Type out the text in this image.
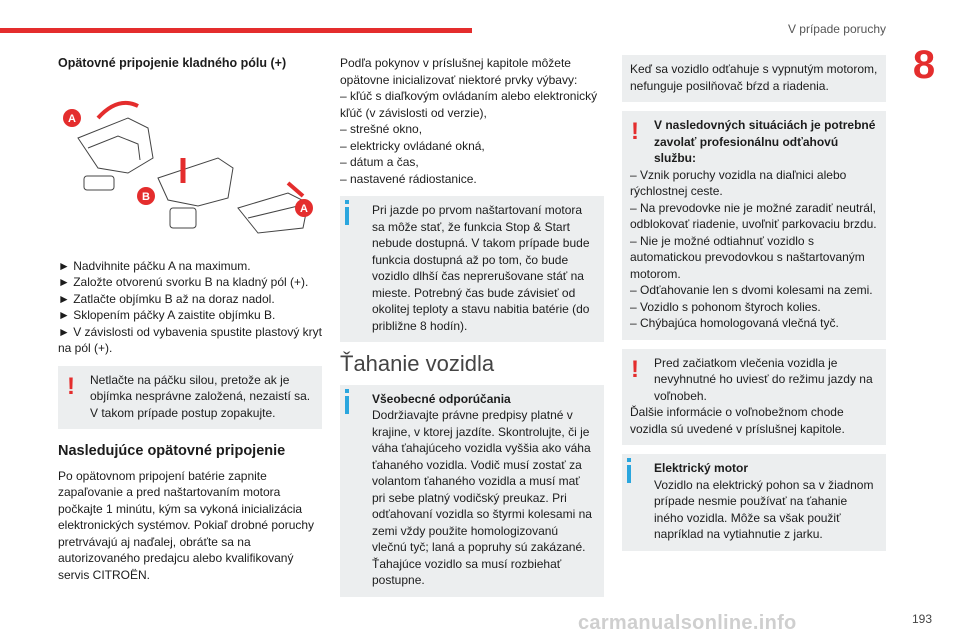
V prípade poruchy
8
Opätovné pripojenie kladného pólu (+)
A
B
A
► Nadvihnite páčku A na maximum.
► Založte otvorenú svorku B na kladný pól (+).
► Zatlačte objímku B až na doraz nadol.
► Sklopením páčky A zaistite objímku B.
► V závislosti od vybavenia spustite plastový kryt na pól (+).
!	Netlačte na páčku silou, pretože ak je objímka nesprávne založená, nezaistí sa. V takom prípade postup zopakujte.
Nasledujúce opätovné pripojenie

Po opätovnom pripojení batérie zapnite zapaľovanie a pred naštartovaním motora počkajte 1 minútu, kým sa vykoná inicializácia elektronických systémov. Pokiaľ drobné poruchy pretrvávajú aj naďalej, obráťte sa na autorizovaného predajcu alebo kvalifikovaný servis CITROËN.

Podľa pokynov v príslušnej kapitole môžete opätovne inicializovať niektoré prvky výbavy:

– kľúč s diaľkovým ovládaním alebo elektronický kľúč (v závislosti od verzie),
– strešné okno,
– elektricky ovládané okná,
– dátum a čas,
– nastavené rádiostanice.
Pri jazde po prvom naštartovaní motora sa môže stať, že funkcia Stop & Start nebude dostupná. V takom prípade bude funkcia dostupná až po tom, čo bude vozidlo dlhší čas neprerušovane stáť na mieste. Potrebný čas bude závisieť od okolitej teploty a stavu nabitia batérie (do približne 8 hodín).
Ťahanie vozidla
Všeobecné odporúčania
Dodržiavajte právne predpisy platné v krajine, v ktorej jazdíte. Skontrolujte, či je váha ťahajúceho vozidla vyššia ako váha ťahaného vozidla. Vodič musí zostať za volantom ťahaného vozidla a musí mať pri sebe platný vodičský preukaz. Pri odťahovaní vozidla so štyrmi kolesami na zemi vždy použite homologizovanú vlečnú tyč; laná a popruhy sú zakázané. Ťahajúce vozidlo sa musí rozbiehať postupne.
Keď sa vozidlo odťahuje s vypnutým motorom, nefunguje posilňovač bŕzd a riadenia.
!	V nasledovných situáciách je potrebné zavolať profesionálnu odťahovú službu:
– Vznik poruchy vozidla na diaľnici alebo rýchlostnej ceste.
– Na prevodovke nie je možné zaradiť neutrál, odblokovať riadenie, uvoľniť parkovaciu brzdu.
– Nie je možné odtiahnuť vozidlo s automatickou prevodovkou s naštartovaným motorom.
– Odťahovanie len s dvomi kolesami na zemi.
– Vozidlo s pohonom štyroch kolies.
– Chýbajúca homologovaná vlečná tyč.
!	Pred začiatkom vlečenia vozidla je nevyhnutné ho uviesť do režimu jazdy na voľnobeh.
Ďalšie informácie o voľnobežnom chode vozidla sú uvedené v príslušnej kapitole.
Elektrický motor
Vozidlo na elektrický pohon sa v žiadnom prípade nesmie používať na ťahanie iného vozidla. Môže sa však použiť napríklad na vytiahnutie z jarku.
carmanualsonline.info	193
